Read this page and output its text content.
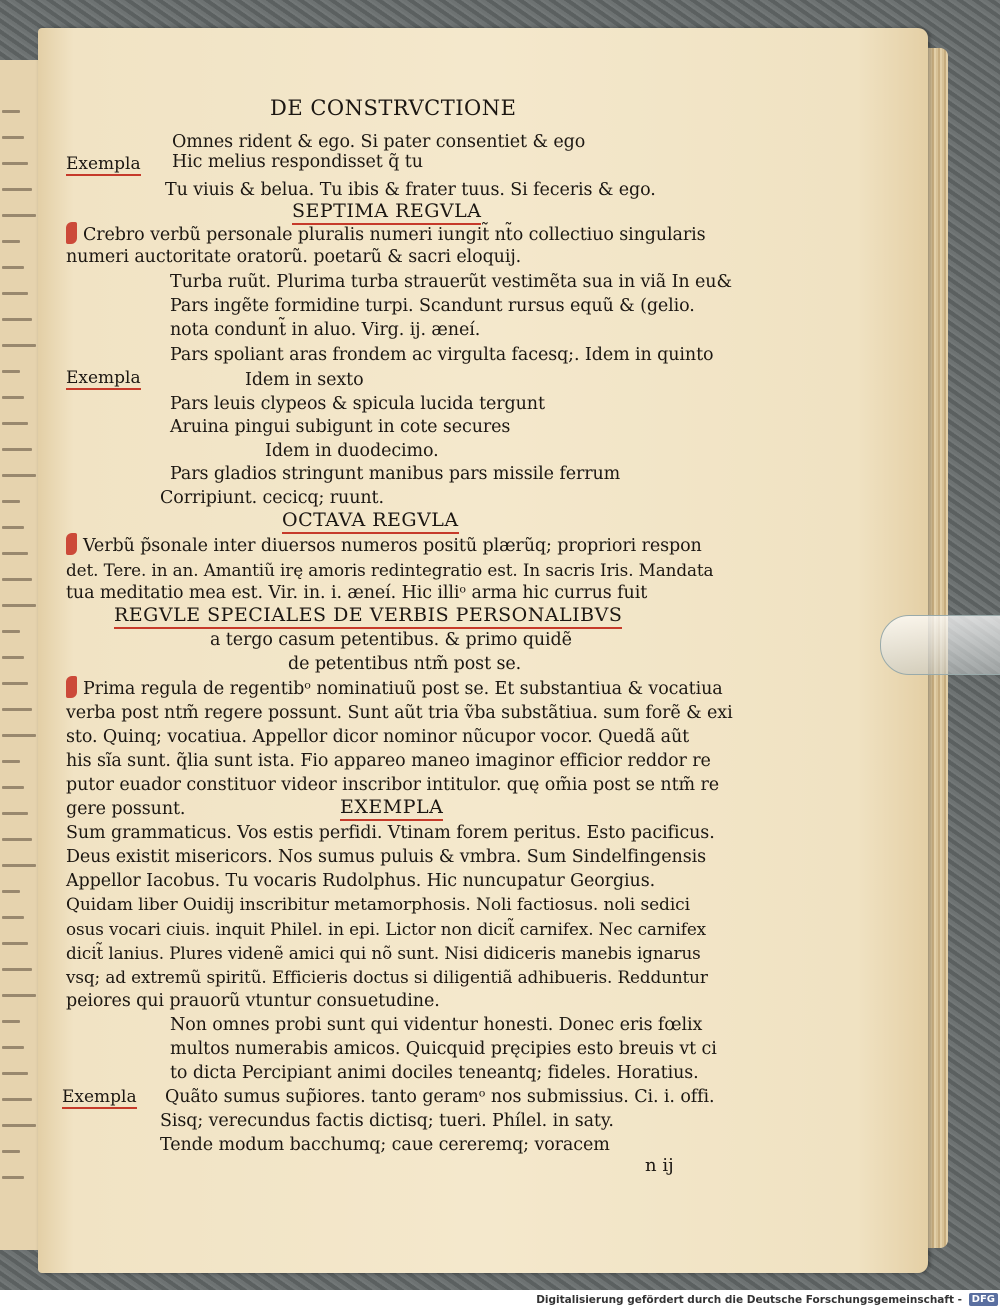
DE CONSTRVCTIONE
Omnes rident & ego. Si pater consentiet & ego
Hic melius respondisset q̃ tu
Tu viuis & belua. Tu ibis & frater tuus. Si feceris & ego.
SEPTIMA REGVLA
Crebro verbũ personale pluralis numeri iungit̃ nt̃o collectiuo singularis
numeri auctoritate oratorũ. poetarũ & sacri eloquij.
Turba ruũt. Plurima turba strauerũt vestimẽta sua in viã In eu&
Pars ingẽte formidine turpi. Scandunt rursus equũ & (gelio.
nota condunt̃ in aluo. Virg. ij. æneí.
Pars spoliant aras frondem ac virgulta facesq;. Idem in quinto
Idem in sexto
Pars leuis clypeos & spicula lucida tergunt
Aruina pingui subigunt in cote secures
Idem in duodecimo.
Pars gladios stringunt manibus pars missile ferrum
Corripiunt. cecicq; ruunt.
OCTAVA REGVLA
Verbũ p̃sonale inter diuersos numeros positũ plærũq; propriori respon
det. Tere. in an. Amantiũ irę amoris redintegratio est. In sacris Iris. Mandata
tua meditatio mea est. Vir. in. i. æneí. Hic illiᵒ arma hic currus fuit
REGVLE SPECIALES DE VERBIS PERSONALIBVS
a tergo casum petentibus. & primo quidẽ
de petentibus ntm̃ post se.
Prima regula de regentibᵒ nominatiuũ post se. Et substantiua & vocatiua
verba post ntm̃ regere possunt. Sunt aũt tria ṽba substãtiua. sum forẽ & exi
sto. Quinq; vocatiua. Appellor dicor nominor nũcupor vocor. Quedã aũt
his sĩa sunt. q̃lia sunt ista. Fio appareo maneo imaginor efficior reddor re
putor euador constituor videor inscribor intitulor. quę om̃ia post se ntm̃ re
gere possunt.	EXEMPLA
Sum grammaticus. Vos estis perfidi. Vtinam forem peritus. Esto pacificus.
Deus existit misericors. Nos sumus puluis & vmbra. Sum Sindelfingensis
Appellor Iacobus. Tu vocaris Rudolphus. Hic nuncupatur Georgius.
Quidam liber Ouidij inscribitur metamorphosis. Noli factiosus. noli sedici
osus vocari ciuis. inquit Philel. in epi. Lictor non dicit̃ carnifex. Nec carnifex
dicit̃ lanius. Plures videnẽ amici qui nõ sunt. Nisi didiceris manebis ignarus
vsq; ad extremũ spiritũ. Efficieris doctus si diligentiã adhibueris. Redduntur
peiores qui prauorũ vtuntur consuetudine.
Non omnes probi sunt qui videntur honesti. Donec eris fœlix
multos numerabis amicos. Quicquid pręcipies esto breuis vt ci
to dicta Percipiant animi dociles teneantq; fideles. Horatius.
Quãto sumus sup̃iores. tanto geramᵒ nos submissius. Ci. i. offi.
Sisq; verecundus factis dictisq; tueri. Phílel. in saty.
Tende modum bacchumq; caue cereremq; voracem
Exempla
Exempla
Exempla
n ij
Digitalisierung gefördert durch die Deutsche Forschungsgemeinschaft - DFG
